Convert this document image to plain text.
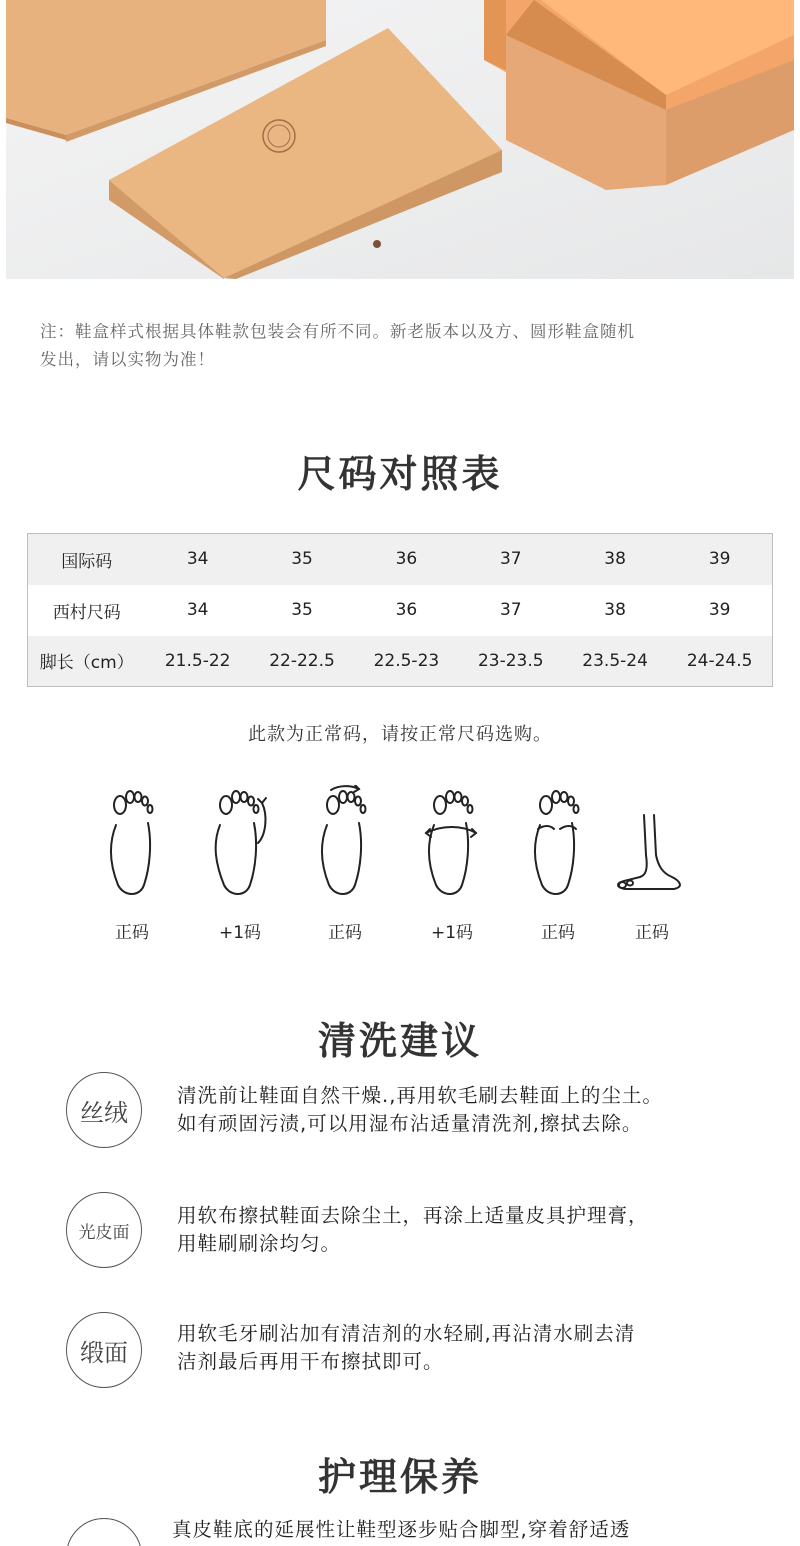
注：鞋盒样式根据具体鞋款包装会有所不同。新老版本以及方、圆形鞋盒随机
发出，请以实物为准！
尺码对照表
国际码	34	35	36	37	38	39
西村尺码	34	35	36	37	38	39
脚长（cm）	21.5-22	22-22.5	22.5-23	23-23.5	23.5-24	24-24.5
此款为正常码，请按正常尺码选购。
正码	+1码	正码	+1码	正码	正码
清洗建议
丝绒
清洗前让鞋面自然干燥.,再用软毛刷去鞋面上的尘土。
如有顽固污渍,可以用湿布沾适量清洗剂,擦拭去除。
光皮面
用软布擦拭鞋面去除尘土，再涂上适量皮具护理膏，
用鞋刷刷涂均匀。
缎面
用软毛牙刷沾加有清洁剂的水轻刷,再沾清水刷去清
洁剂最后再用干布擦拭即可。
护理保养
真皮鞋底的延展性让鞋型逐步贴合脚型,穿着舒适透
